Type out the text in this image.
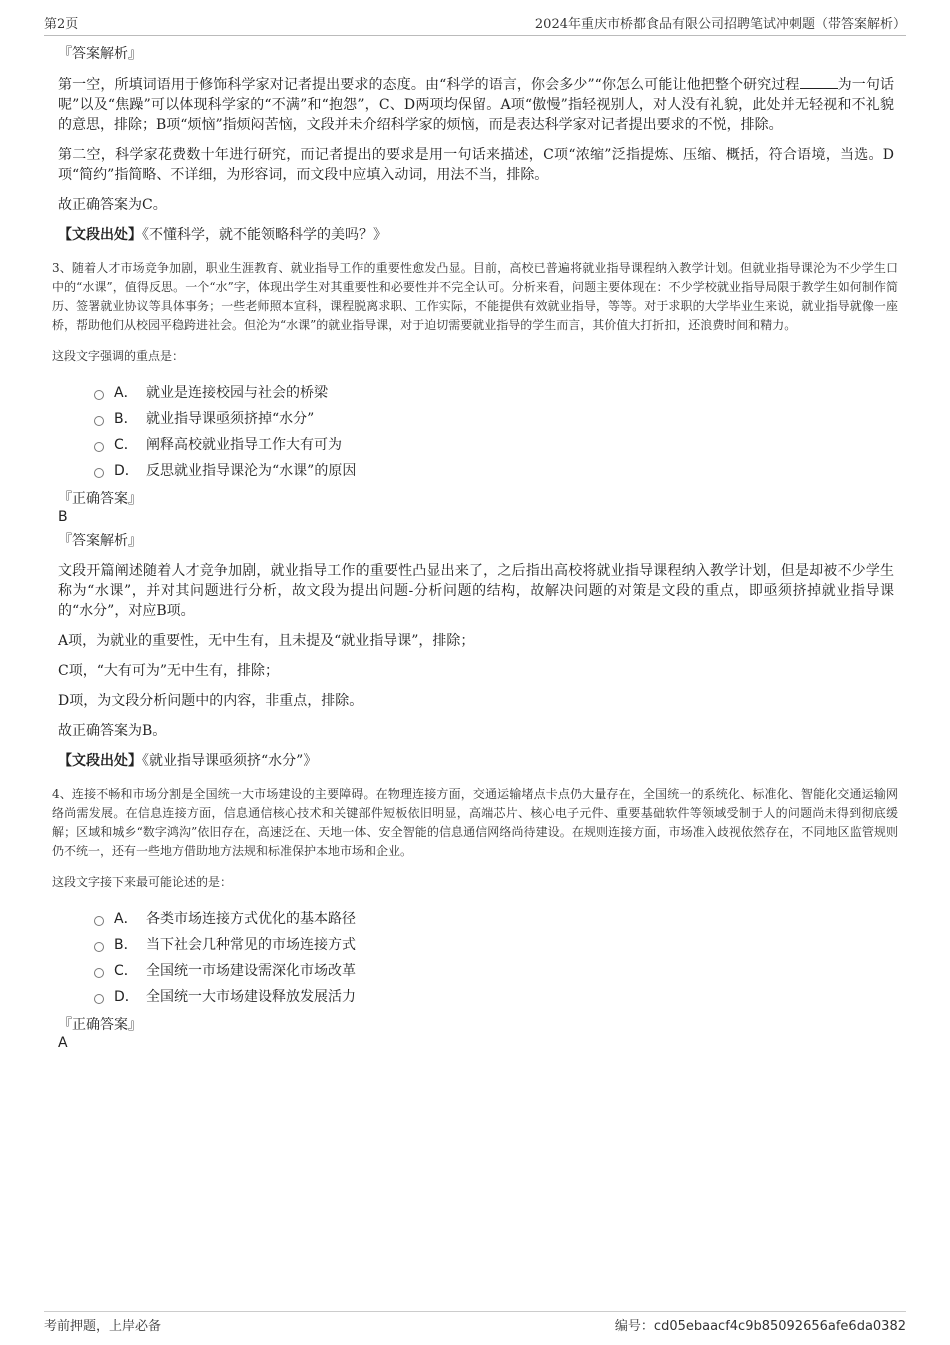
第2页	2024年重庆市桥都食品有限公司招聘笔试冲刺题（带答案解析）
『答案解析』

第一空，所填词语用于修饰科学家对记者提出要求的态度。由“科学的语言，你会多少”“你怎么可能让他把整个研究过程	为一句话呢”以及“焦躁”可以体现科学家的“不满”和“抱怨”，C、D两项均保留。A项“傲慢”指轻视别人，对人没有礼貌，此处并无轻视和不礼貌的意思，排除；B项“烦恼”指烦闷苦恼，文段并未介绍科学家的烦恼，而是表达科学家对记者提出要求的不悦，排除。

第二空，科学家花费数十年进行研究，而记者提出的要求是用一句话来描述，C项“浓缩”泛指提炼、压缩、概括，符合语境，当选。D项“简约”指简略、不详细，为形容词，而文段中应填入动词，用法不当，排除。

故正确答案为C。

【文段出处】《不懂科学，就不能领略科学的美吗？》

3、随着人才市场竞争加剧，职业生涯教育、就业指导工作的重要性愈发凸显。目前，高校已普遍将就业指导课程纳入教学计划。但就业指导课沦为不少学生口中的“水课”，值得反思。一个“水”字，体现出学生对其重要性和必要性并不完全认可。分析来看，问题主要体现在：不少学校就业指导局限于教学生如何制作简历、签署就业协议等具体事务；一些老师照本宣科，课程脱离求职、工作实际，不能提供有效就业指导，等等。对于求职的大学毕业生来说，就业指导就像一座桥，帮助他们从校园平稳跨进社会。但沦为“水课”的就业指导课，对于迫切需要就业指导的学生而言，其价值大打折扣，还浪费时间和精力。

这段文字强调的重点是：

A． 就业是连接校园与社会的桥梁
B． 就业指导课亟须挤掉“水分”
C． 阐释高校就业指导工作大有可为
D． 反思就业指导课沦为“水课”的原因
『正确答案』
B
『答案解析』

文段开篇阐述随着人才竞争加剧，就业指导工作的重要性凸显出来了，之后指出高校将就业指导课程纳入教学计划，但是却被不少学生称为“水课”，并对其问题进行分析，故文段为提出问题-分析问题的结构，故解决问题的对策是文段的重点，即亟须挤掉就业指导课的“水分”，对应B项。

A项，为就业的重要性，无中生有，且未提及“就业指导课”，排除；

C项，“大有可为”无中生有，排除；

D项，为文段分析问题中的内容，非重点，排除。

故正确答案为B。

【文段出处】《就业指导课亟须挤“水分”》

4、连接不畅和市场分割是全国统一大市场建设的主要障碍。在物理连接方面，交通运输堵点卡点仍大量存在，全国统一的系统化、标准化、智能化交通运输网络尚需发展。在信息连接方面，信息通信核心技术和关键部件短板依旧明显，高端芯片、核心电子元件、重要基础软件等领域受制于人的问题尚未得到彻底缓解；区域和城乡“数字鸿沟”依旧存在，高速泛在、天地一体、安全智能的信息通信网络尚待建设。在规则连接方面，市场准入歧视依然存在，不同地区监管规则仍不统一，还有一些地方借助地方法规和标准保护本地市场和企业。

这段文字接下来最可能论述的是：

A． 各类市场连接方式优化的基本路径
B． 当下社会几种常见的市场连接方式
C． 全国统一市场建设需深化市场改革
D． 全国统一大市场建设释放发展活力
『正确答案』
A
考前押题，上岸必备	编号：cd05ebaacf4c9b85092656afe6da0382
